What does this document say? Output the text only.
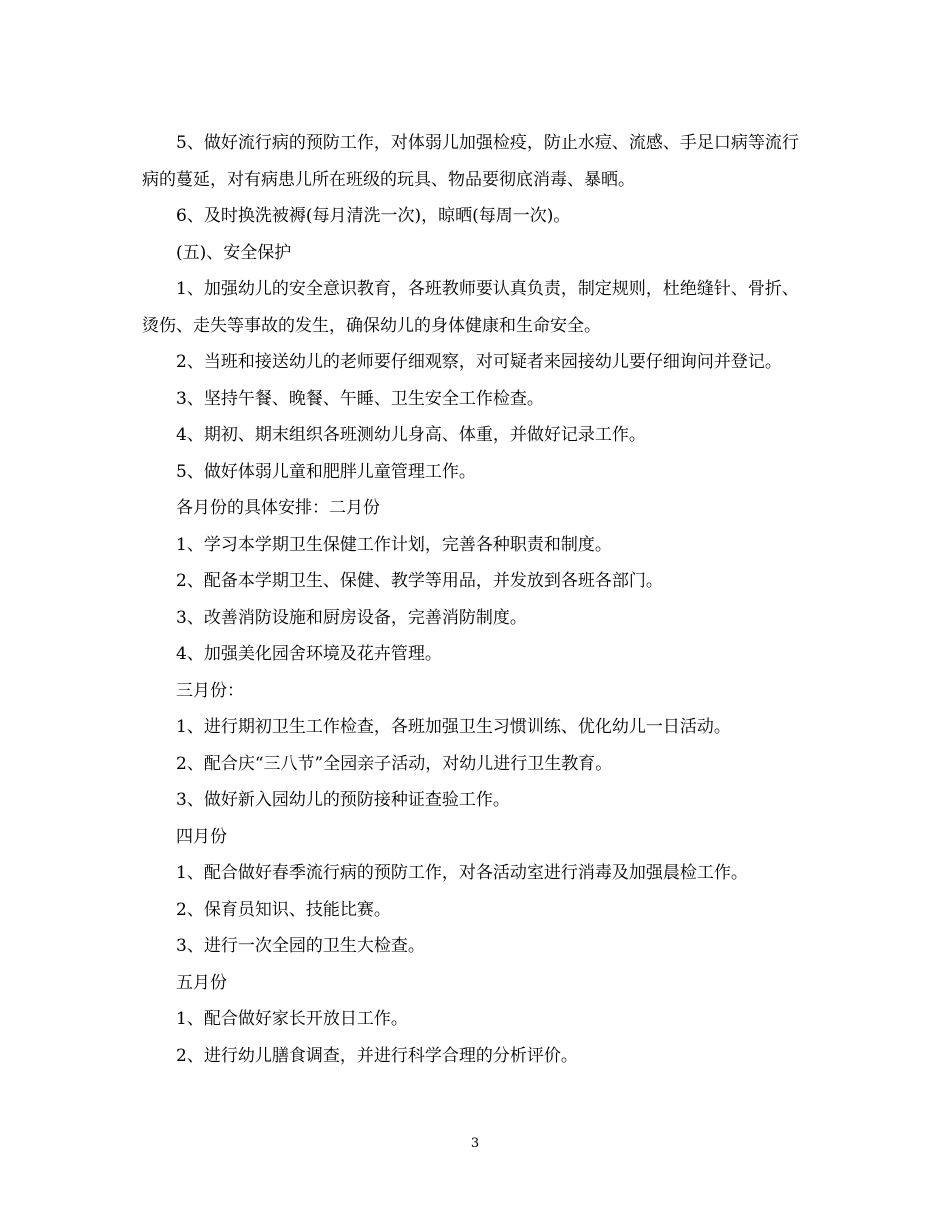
5、做好流行病的预防工作，对体弱儿加强检疫，防止水痘、流感、手足口病等流行病的蔓延，对有病患儿所在班级的玩具、物品要彻底消毒、暴晒。

6、及时换洗被褥(每月清洗一次)，晾晒(每周一次)。

(五)、安全保护

1、加强幼儿的安全意识教育，各班教师要认真负责，制定规则，杜绝缝针、骨折、烫伤、走失等事故的发生，确保幼儿的身体健康和生命安全。

2、当班和接送幼儿的老师要仔细观察，对可疑者来园接幼儿要仔细询问并登记。

3、坚持午餐、晚餐、午睡、卫生安全工作检查。

4、期初、期末组织各班测幼儿身高、体重，并做好记录工作。

5、做好体弱儿童和肥胖儿童管理工作。

各月份的具体安排：二月份

1、学习本学期卫生保健工作计划，完善各种职责和制度。

2、配备本学期卫生、保健、教学等用品，并发放到各班各部门。

3、改善消防设施和厨房设备，完善消防制度。

4、加强美化园舍环境及花卉管理。

三月份：

1、进行期初卫生工作检查，各班加强卫生习惯训练、优化幼儿一日活动。

2、配合庆“三八节”全园亲子活动，对幼儿进行卫生教育。

3、做好新入园幼儿的预防接种证查验工作。

四月份

1、配合做好春季流行病的预防工作，对各活动室进行消毒及加强晨检工作。

2、保育员知识、技能比赛。

3、进行一次全园的卫生大检查。

五月份

1、配合做好家长开放日工作。

2、进行幼儿膳食调查，并进行科学合理的分析评价。

3
